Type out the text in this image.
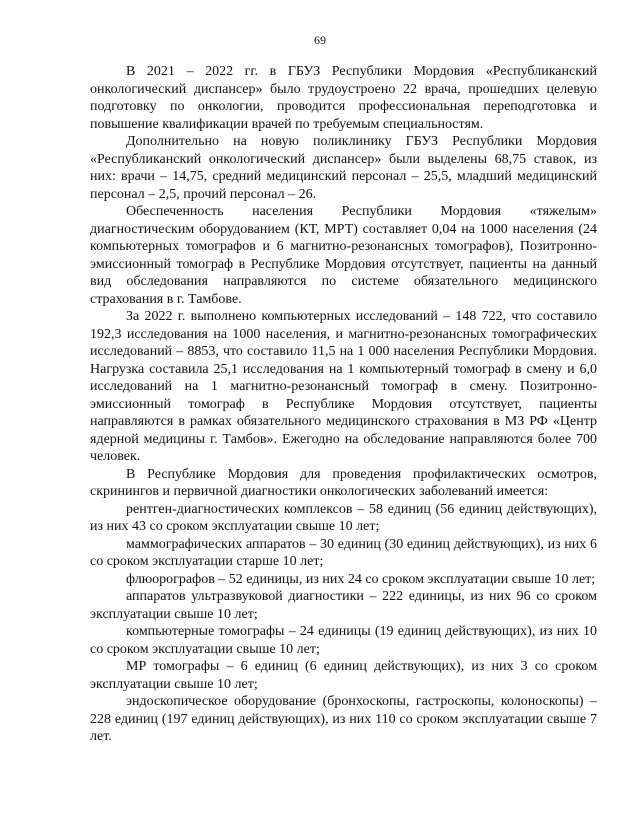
69

В 2021 – 2022 гг. в ГБУЗ Республики Мордовия «Республиканский онкологический диспансер» было трудоустроено 22 врача, прошедших целевую подготовку по онкологии, проводится профессиональная переподготовка и повышение квалификации врачей по требуемым специальностям.

Дополнительно на новую поликлинику ГБУЗ Республики Мордовия «Республиканский онкологический диспансер» были выделены 68,75 ставок, из них: врачи – 14,75, средний медицинский персонал – 25,5, младший медицинский персонал – 2,5, прочий персонал – 26.

Обеспеченность населения Республики Мордовия «тяжелым» диагностическим оборудованием (КТ, МРТ) составляет 0,04 на 1000 населения (24 компьютерных томографов и 6 магнитно-резонансных томографов), Позитронно-эмиссионный томограф в Республике Мордовия отсутствует, пациенты на данный вид обследования направляются по системе обязательного медицинского страхования в г. Тамбове.

За 2022 г. выполнено компьютерных исследований – 148 722, что составило 192,3 исследования на 1000 населения, и магнитно-резонансных томографических исследований – 8853, что составило 11,5 на 1 000 населения Республики Мордовия. Нагрузка составила 25,1 исследования на 1 компьютерный томограф в смену и 6,0 исследований на 1 магнитно-резонансный томограф в смену. Позитронно-эмиссионный томограф в Республике Мордовия отсутствует, пациенты направляются в рамках обязательного медицинского страхования в МЗ РФ «Центр ядерной медицины г. Тамбов». Ежегодно на обследование направляются более 700 человек.

В Республике Мордовия для проведения профилактических осмотров, скринингов и первичной диагностики онкологических заболеваний имеется:

рентген-диагностических комплексов – 58 единиц (56 единиц действующих), из них 43 со сроком эксплуатации свыше 10 лет;

маммографических аппаратов – 30 единиц (30 единиц действующих), из них 6 со сроком эксплуатации старше 10 лет;

флюорографов – 52 единицы, из них 24 со сроком эксплуатации свыше 10 лет;

аппаратов ультразвуковой диагностики – 222 единицы, из них 96 со сроком эксплуатации свыше 10 лет;

компьютерные томографы – 24 единицы (19 единиц действующих), из них 10 со сроком эксплуатации свыше 10 лет;

МР томографы – 6 единиц (6 единиц действующих), из них 3 со сроком эксплуатации свыше 10 лет;

эндоскопическое оборудование (бронхоскопы, гастроскопы, колоноскопы) – 228 единиц (197 единиц действующих), из них 110 со сроком эксплуатации свыше 7 лет.
